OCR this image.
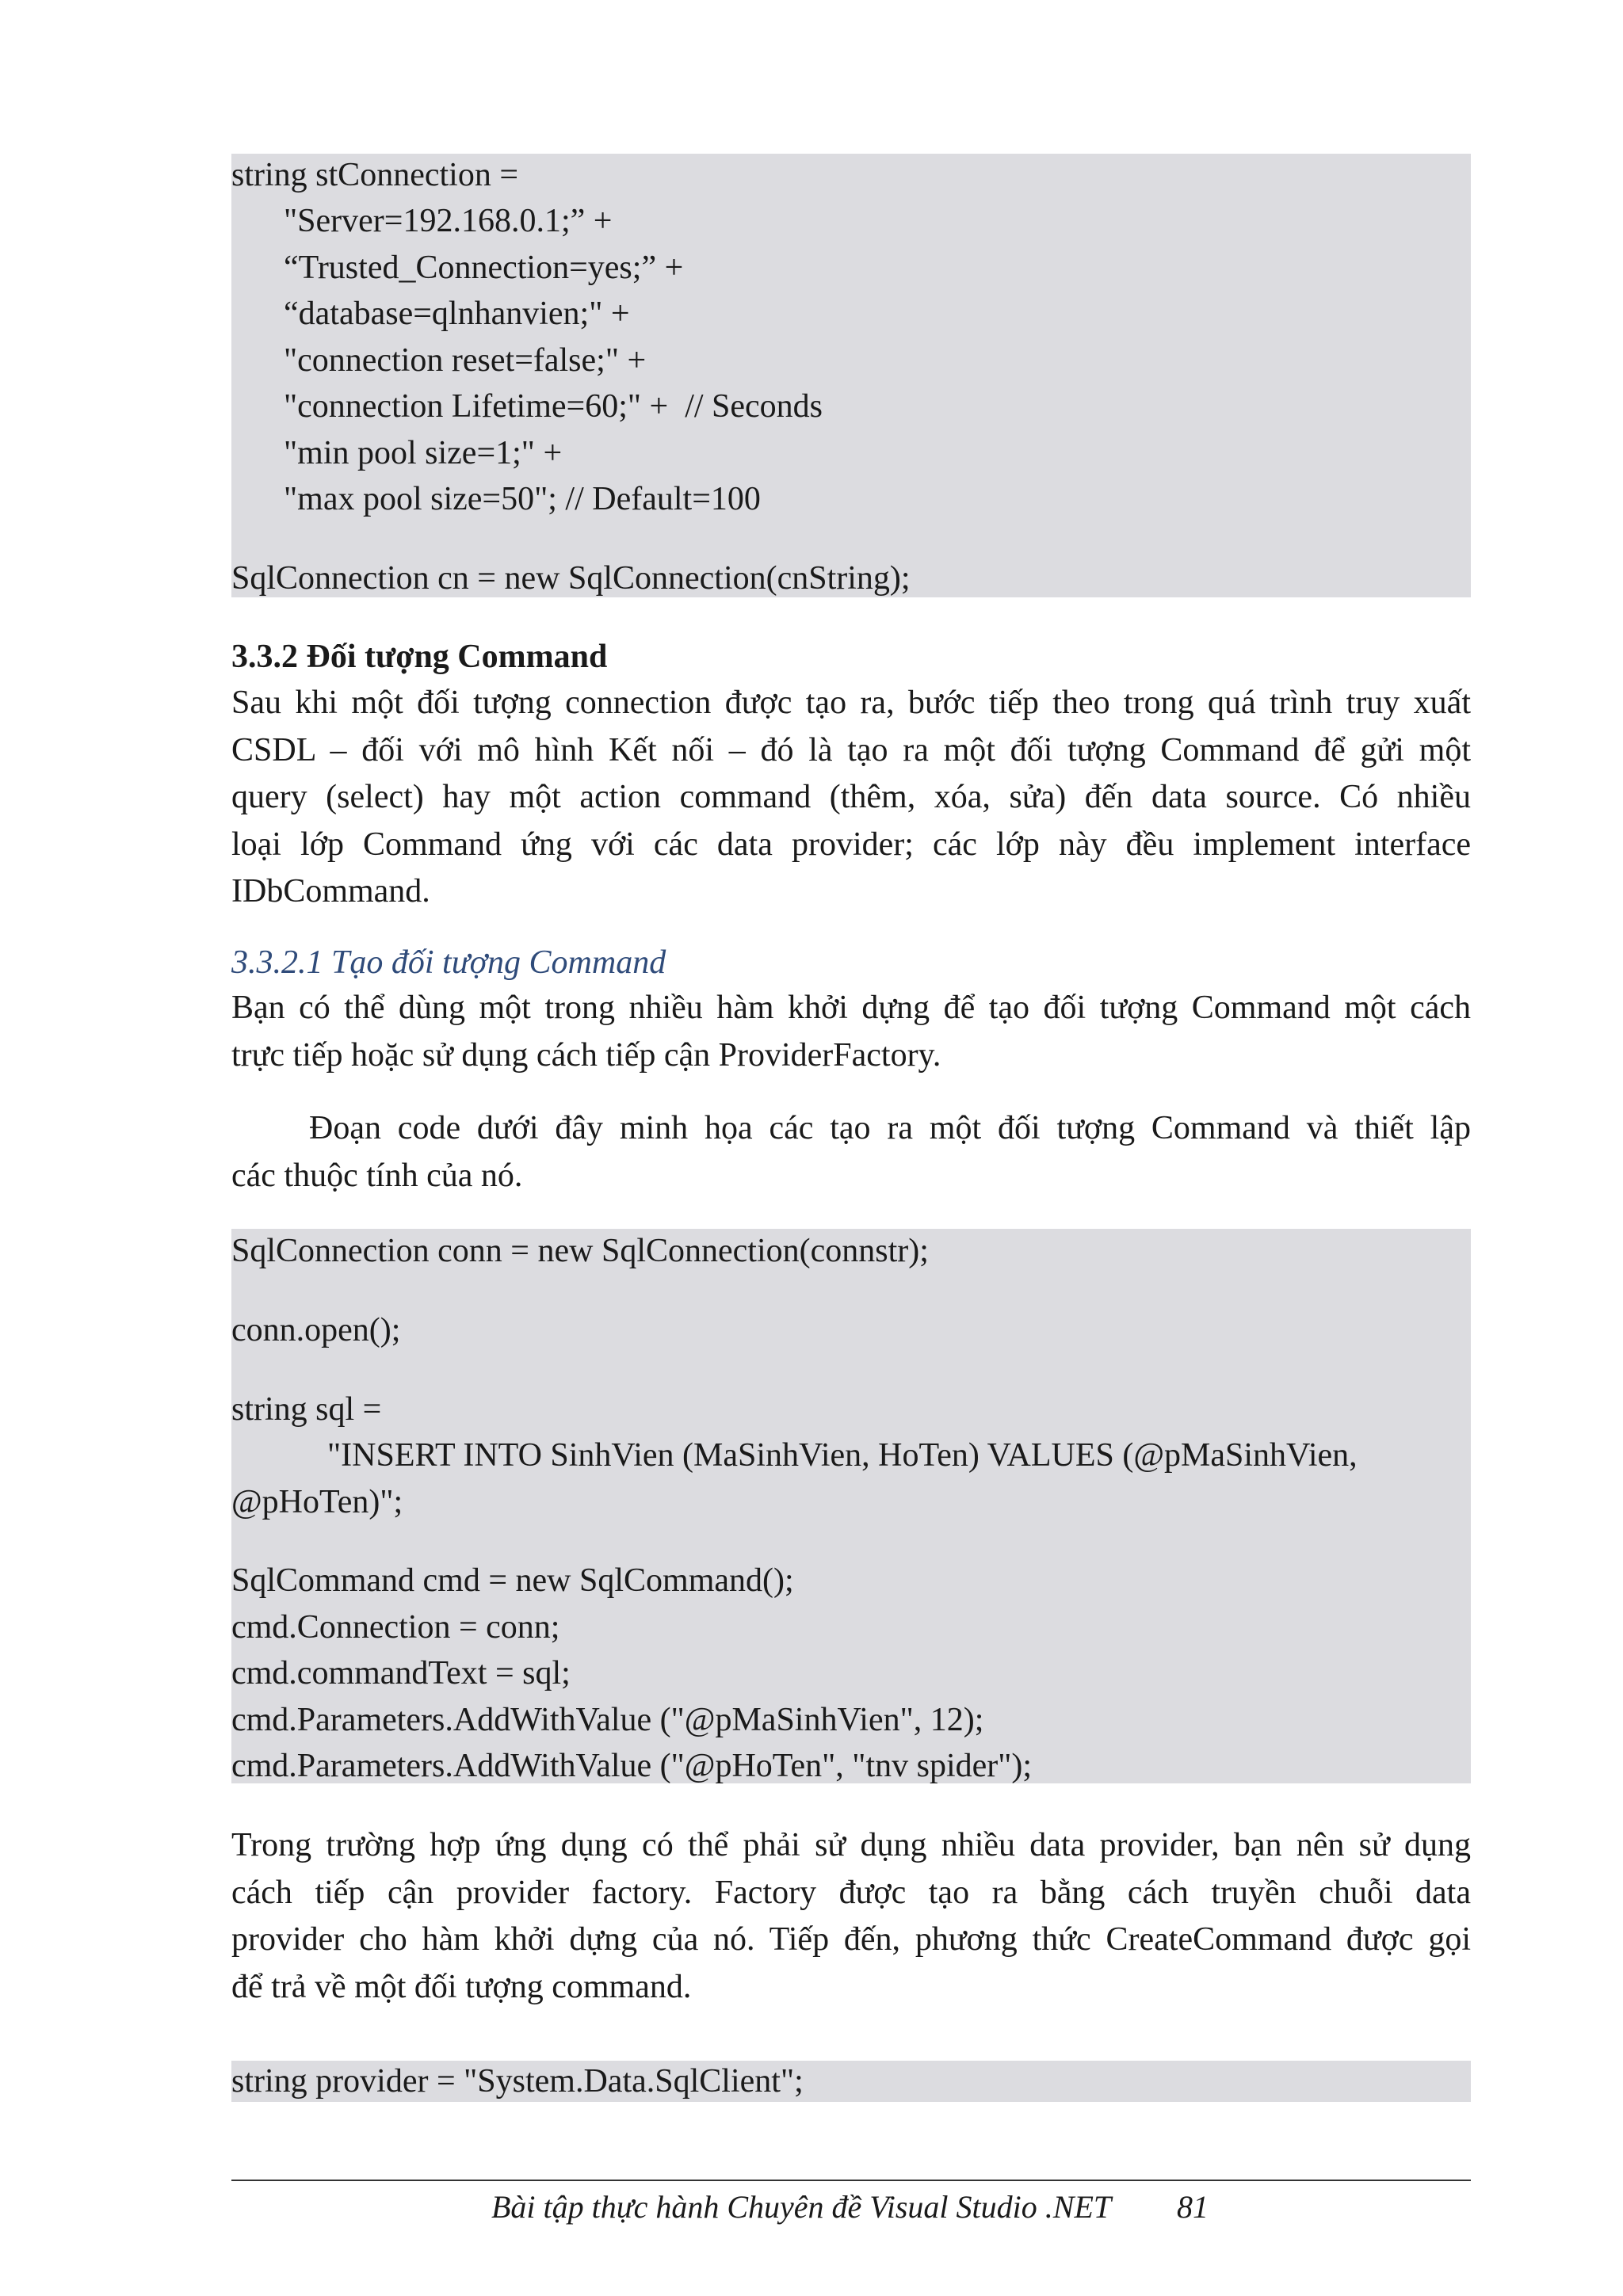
string stConnection =
"Server=192.168.0.1;” +
“Trusted_Connection=yes;” +
“database=qlnhanvien;" +
"connection reset=false;" +
"connection Lifetime=60;" +  // Seconds
"min pool size=1;" +
"max pool size=50"; // Default=100
SqlConnection cn = new SqlConnection(cnString);
3.3.2 Đối tượng Command
Sau khi một đối tượng connection được tạo ra, bước tiếp theo trong quá trình truy xuất
CSDL – đối với mô hình Kết nối – đó là tạo ra một đối tượng Command để gửi một
query (select) hay một action command (thêm, xóa, sửa) đến data source. Có nhiều
loại lớp Command ứng với các data provider; các lớp này đều implement interface
IDbCommand.
3.3.2.1 Tạo đối tượng Command
Bạn có thể dùng một trong nhiều hàm khởi dựng để tạo đối tượng Command một cách
trực tiếp hoặc sử dụng cách tiếp cận ProviderFactory.
Đoạn code dưới đây minh họa các tạo ra một đối tượng Command và thiết lập
các thuộc tính của nó.
SqlConnection conn = new SqlConnection(connstr);
conn.open();
string sql =
"INSERT INTO SinhVien (MaSinhVien, HoTen) VALUES (@pMaSinhVien,
@pHoTen)";
SqlCommand cmd = new SqlCommand();
cmd.Connection = conn;
cmd.commandText = sql;
cmd.Parameters.AddWithValue ("@pMaSinhVien", 12);
cmd.Parameters.AddWithValue ("@pHoTen", "tnv spider");
Trong trường hợp ứng dụng có thể phải sử dụng nhiều data provider, bạn nên sử dụng
cách tiếp cận provider factory. Factory được tạo ra bằng cách truyền chuỗi data
provider cho hàm khởi dựng của nó. Tiếp đến, phương thức CreateCommand được gọi
để trả về một đối tượng command.
string provider = "System.Data.SqlClient";
Bài tập thực hành Chuyên đề Visual Studio .NET 81
